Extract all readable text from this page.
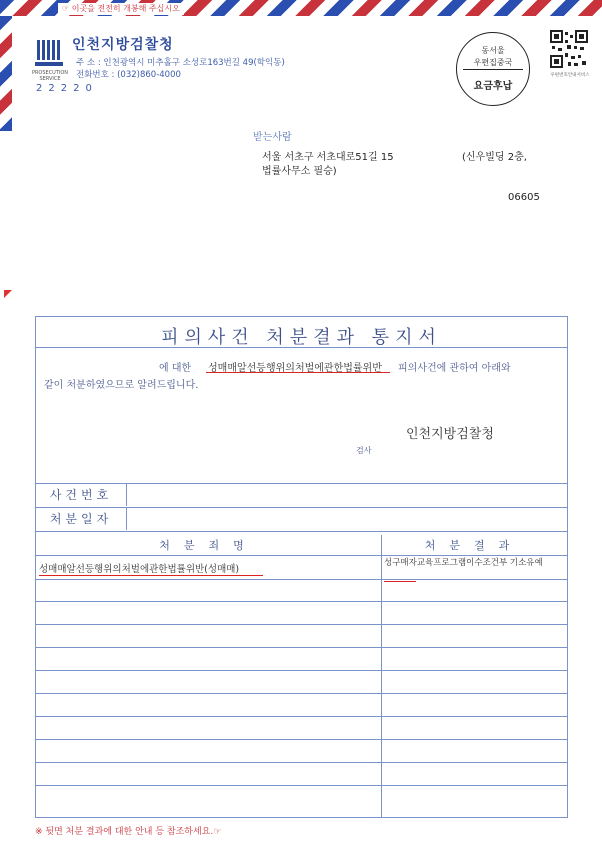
☞ 이곳을 전전히 개봉해 주십시오
PROSECUTION SERVICE
인천지방검찰청
주 소 : 인천광역시 미추홀구 소성로163번길 49(학익동)
전화번호 : (032)860-4000
22220
동서울
우편집중국
요금후납
우편번호안내서비스
받는사람
서울 서초구 서초대로51길 15	(신우빌딩 2층,
법률사무소 필승)
06605
피의사건 처분결과 통지서
에 대한 성매매알선등행위의처벌에관한법률위반 피의사건에 관하여 아래와
같이 처분하였으므로 알려드립니다.
인천지방검찰청
검사
사건번호
처분일자
처분죄명	처분결과
성매매알선등행위의처벌에관한법률위반(성매매)
성구매자교육프로그램이수조건부 기소유예
※ 뒷면 처분 결과에 대한 안내 등 참조하세요.☞
